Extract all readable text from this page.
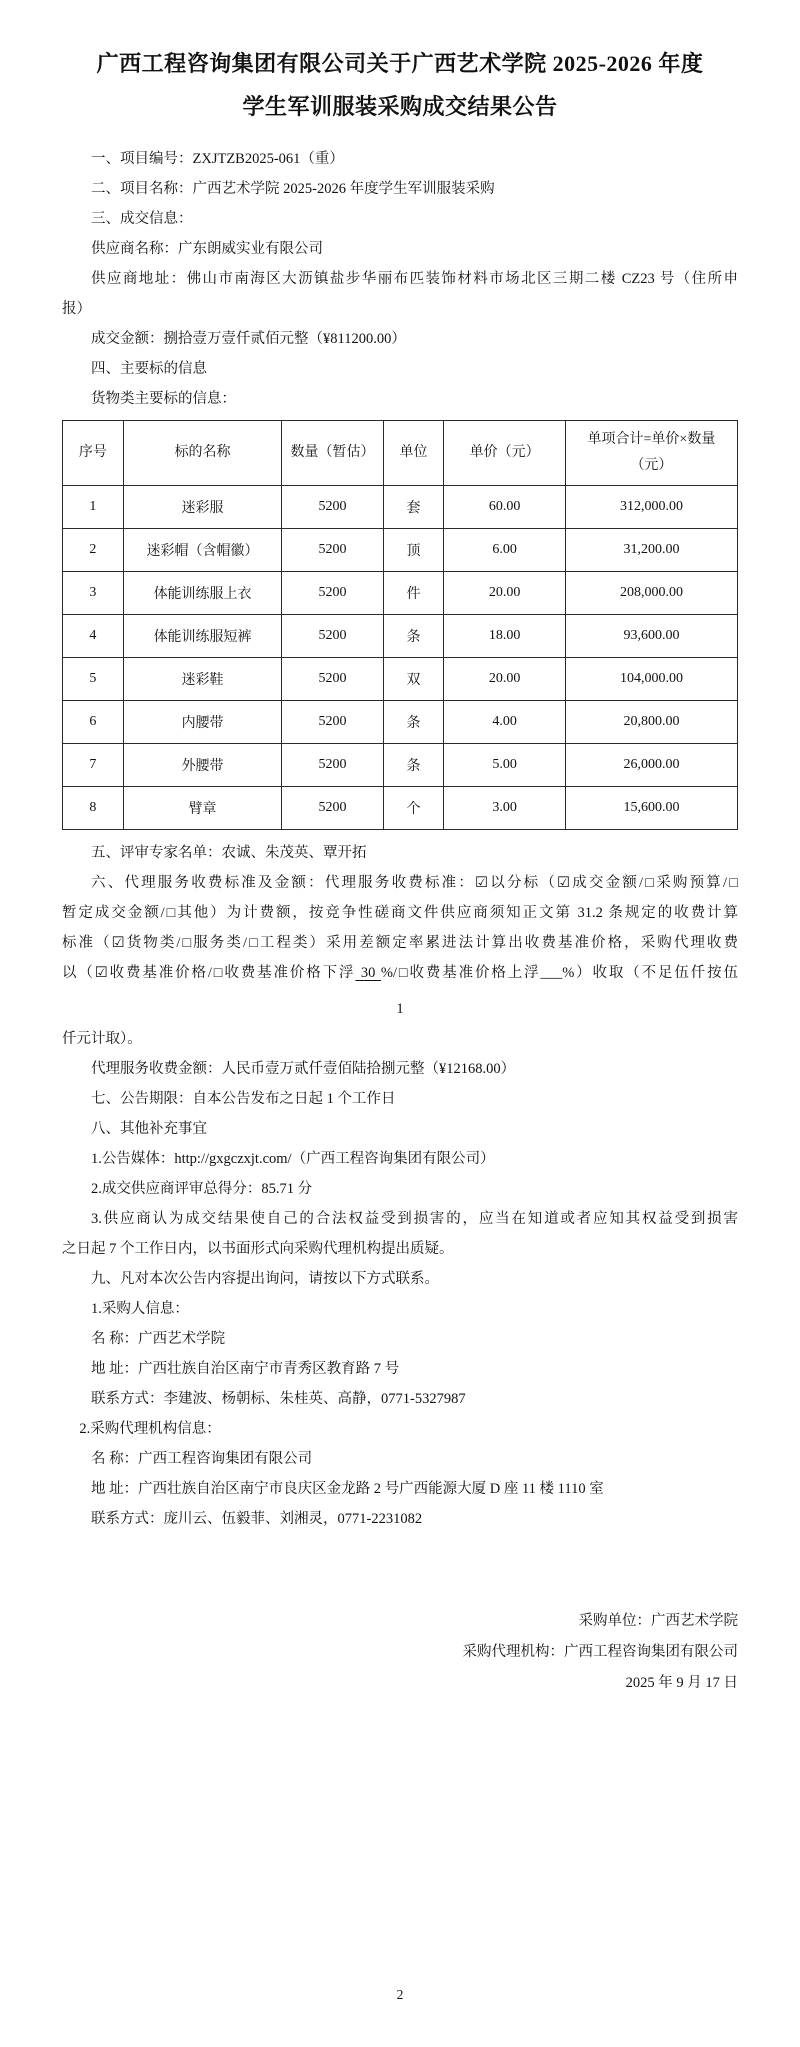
广西工程咨询集团有限公司关于广西艺术学院 2025-2026 年度
学生军训服装采购成交结果公告

一、项目编号：ZXJTZB2025-061（重）

二、项目名称：广西艺术学院 2025-2026 年度学生军训服装采购

三、成交信息：

供应商名称：广东朗威实业有限公司

供应商地址：佛山市南海区大沥镇盐步华丽布匹装饰材料市场北区三期二楼 CZ23 号（住所申

报）

成交金额：捌拾壹万壹仟贰佰元整（¥811200.00）

四、主要标的信息

货物类主要标的信息：

序号	标的名称	数量（暂估）	单位	单价（元）	单项合计=单价×数量
（元）

1	迷彩服	5200	套	60.00	312,000.00
2	迷彩帽（含帽徽）	5200	顶	6.00	31,200.00
3	体能训练服上衣	5200	件	20.00	208,000.00
4	体能训练服短裤	5200	条	18.00	93,600.00
5	迷彩鞋	5200	双	20.00	104,000.00
6	内腰带	5200	条	4.00	20,800.00
7	外腰带	5200	条	5.00	26,000.00
8	臂章	5200	个	3.00	15,600.00

五、评审专家名单：农诚、朱茂英、覃开拓

六、代理服务收费标准及金额：代理服务收费标准：☑以分标（☑成交金额/□采购预算/□

暂定成交金额/□其他）为计费额，按竞争性磋商文件供应商须知正文第 31.2 条规定的收费计算

标准（☑货物类/□服务类/□工程类）采用差额定率累进法计算出收费基准价格，采购代理收费

以（☑收费基准价格/□收费基准价格下浮 30 %/□收费基准价格上浮___%）收取（不足伍仟按伍

1

仟元计取）。

代理服务收费金额：人民币壹万贰仟壹佰陆拾捌元整（¥12168.00）

七、公告期限：自本公告发布之日起 1 个工作日

八、其他补充事宜

1.公告媒体：http://gxgczxjt.com/（广西工程咨询集团有限公司）

2.成交供应商评审总得分：85.71 分

3.供应商认为成交结果使自己的合法权益受到损害的，应当在知道或者应知其权益受到损害

之日起 7 个工作日内，以书面形式向采购代理机构提出质疑。

九、凡对本次公告内容提出询问，请按以下方式联系。

1.采购人信息：

名 称：广西艺术学院

地 址：广西壮族自治区南宁市青秀区教育路 7 号

联系方式：李建波、杨朝标、朱桂英、高静，0771-5327987

2.采购代理机构信息：

名 称：广西工程咨询集团有限公司

地 址：广西壮族自治区南宁市良庆区金龙路 2 号广西能源大厦 D 座 11 楼 1110 室

联系方式：庞川云、伍毅菲、刘湘灵，0771-2231082

采购单位：广西艺术学院

采购代理机构：广西工程咨询集团有限公司

2025 年 9 月 17 日

2
